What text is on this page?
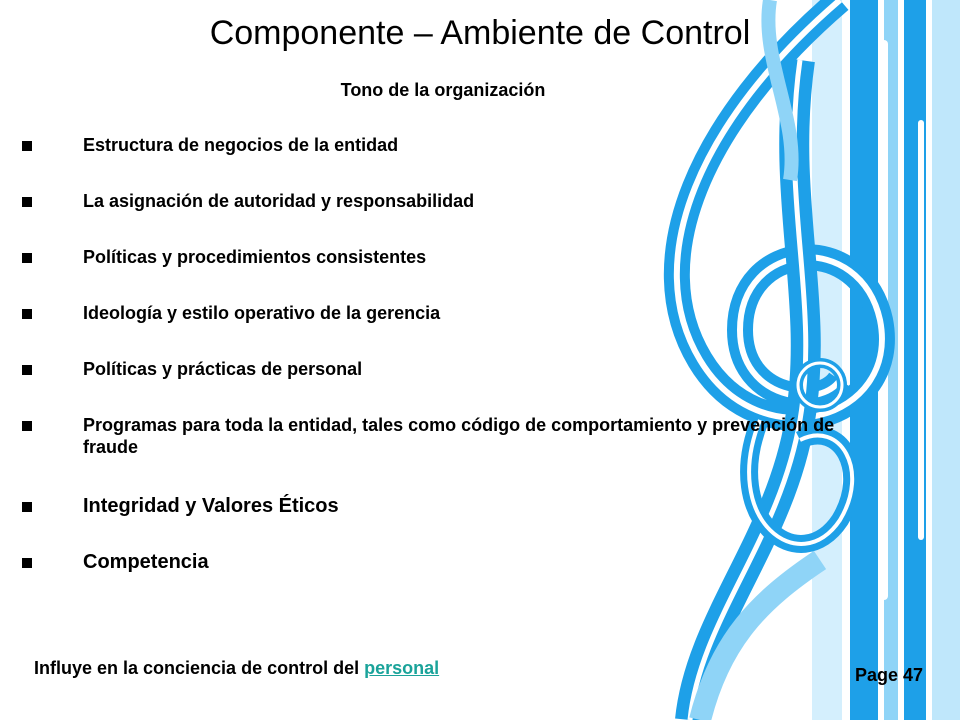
Componente – Ambiente de Control
Tono de la organización
Estructura de negocios de la entidad
La asignación de autoridad y responsabilidad
Políticas y procedimientos consistentes
Ideología y estilo operativo de la gerencia
Políticas y prácticas de personal
Programas para toda la entidad, tales como código de comportamiento y prevención de fraude
Integridad y Valores Éticos
Competencia
Influye en la conciencia de control del personal	Page 47
